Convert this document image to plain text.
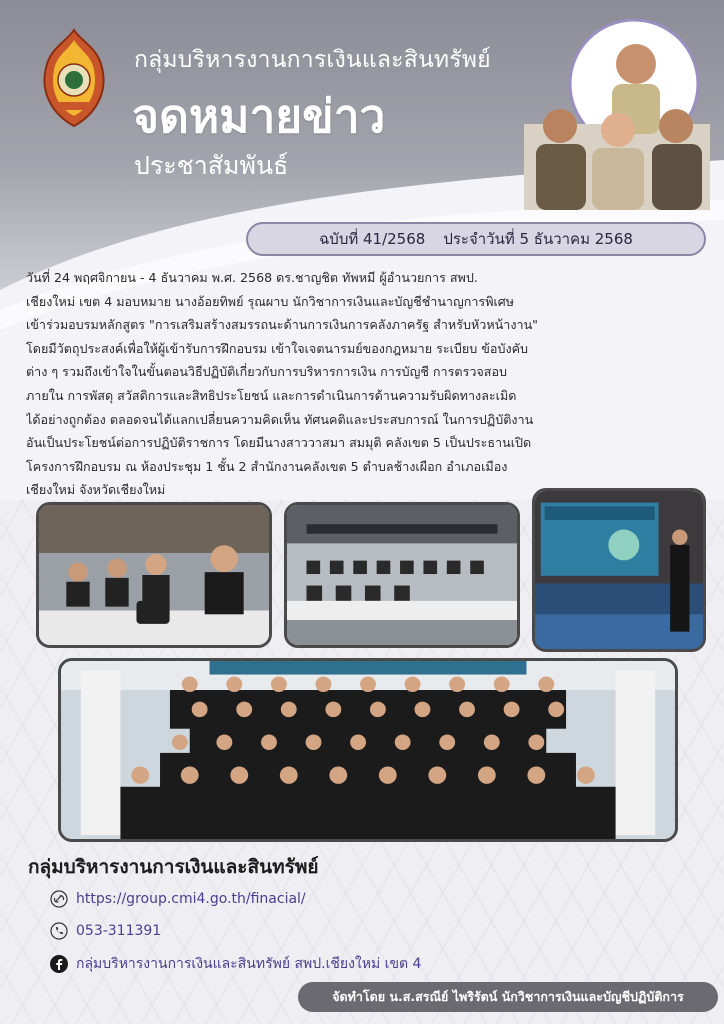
กลุ่มบริหารงานการเงินและสินทรัพย์
จดหมายข่าว
ประชาสัมพันธ์
ฉบับที่ 41/2568 ประจำวันที่ 5 ธันวาคม 2568
วันที่ 24 พฤศจิกายน - 4 ธันวาคม พ.ศ. 2568 ดร.ชาญชิต ทัพหมี ผู้อำนวยการ สพป.
เชียงใหม่ เขต 4 มอบหมาย นางอ้อยทิพย์ รุณผาบ นักวิชาการเงินและบัญชีชำนาญการพิเศษ
เข้าร่วมอบรมหลักสูตร "การเสริมสร้างสมรรถนะด้านการเงินการคลังภาครัฐ สำหรับหัวหน้างาน"
โดยมีวัตถุประสงค์เพื่อให้ผู้เข้ารับการฝึกอบรม เข้าใจเจตนารมย์ของกฎหมาย ระเบียบ ข้อบังคับ
ต่าง ๆ รวมถึงเข้าใจในขั้นตอนวิธีปฏิบัติเกี่ยวกับการบริหารการเงิน การบัญชี การตรวจสอบ
ภายใน การพัสดุ สวัสดิการและสิทธิประโยชน์ และการดำเนินการด้านความรับผิดทางละเมิด
ได้อย่างถูกต้อง ตลอดจนได้แลกเปลี่ยนความคิดเห็น ทัศนคติและประสบการณ์ ในการปฏิบัติงาน
อันเป็นประโยชน์ต่อการปฏิบัติราชการ โดยมีนางสาววาสมา สมมุติ คลังเขต 5 เป็นประธานเปิด
โครงการฝึกอบรม ณ ห้องประชุม 1 ชั้น 2 สำนักงานคลังเขต 5 ตำบลช้างเผือก อำเภอเมือง
เชียงใหม่ จังหวัดเชียงใหม่
กลุ่มบริหารงานการเงินและสินทรัพย์
https://group.cmi4.go.th/finacial/
053-311391
กลุ่มบริหารงานการเงินและสินทรัพย์ สพป.เชียงใหม่ เขต 4
จัดทำโดย น.ส.สรณีย์ ไพริรัตน์ นักวิชาการเงินและบัญชีปฏิบัติการ
